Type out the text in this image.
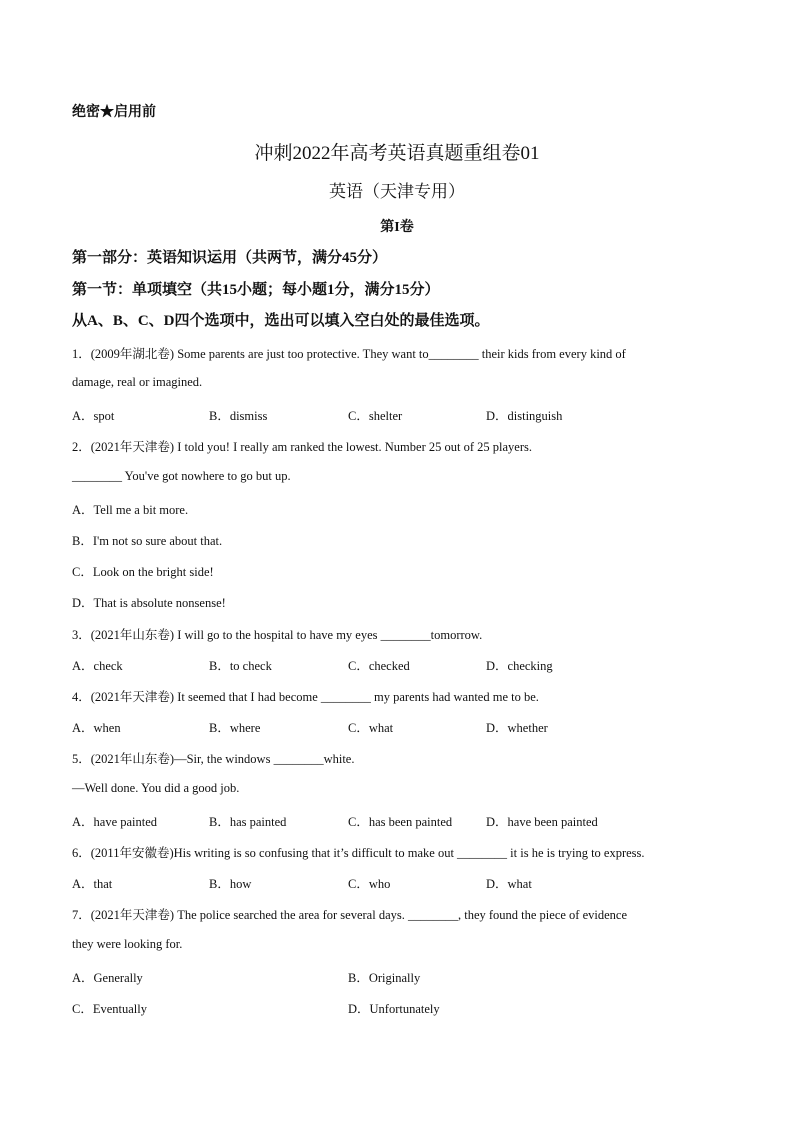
绝密★启用前
冲刺2022年高考英语真题重组卷01
英语（天津专用）
第I卷
第一部分：英语知识运用（共两节，满分45分）
第一节：单项填空（共15小题；每小题1分，满分15分）
从A、B、C、D四个选项中，选出可以填入空白处的最佳选项。
1．(2009年湖北卷) Some parents are just too protective. They want to________ their kids from every kind of
damage, real or imagined.
A．spot	B．dismiss	C．shelter	D．distinguish
2．(2021年天津卷) I told you! I really am ranked the lowest. Number 25 out of 25 players.
________ You've got nowhere to go but up.
A．Tell me a bit more.
B．I'm not so sure about that.
C．Look on the bright side!
D．That is absolute nonsense!
3．(2021年山东卷) I will go to the hospital to have my eyes ________tomorrow.
A．check	B．to check	C．checked	D．checking
4．(2021年天津卷) It seemed that I had become ________ my parents had wanted me to be.
A．when	B．where	C．what	D．whether
5．(2021年山东卷)—Sir, the windows ________white.
—Well done. You did a good job.
A．have painted	B．has painted	C．has been painted	D．have been painted
6．(2011年安徽卷)His writing is so confusing that it’s difficult to make out ________ it is he is trying to express.
A．that	B．how	C．who	D．what
7．(2021年天津卷) The police searched the area for several days. ________, they found the piece of evidence
they were looking for.
A．Generally	B．Originally
C．Eventually	D．Unfortunately
